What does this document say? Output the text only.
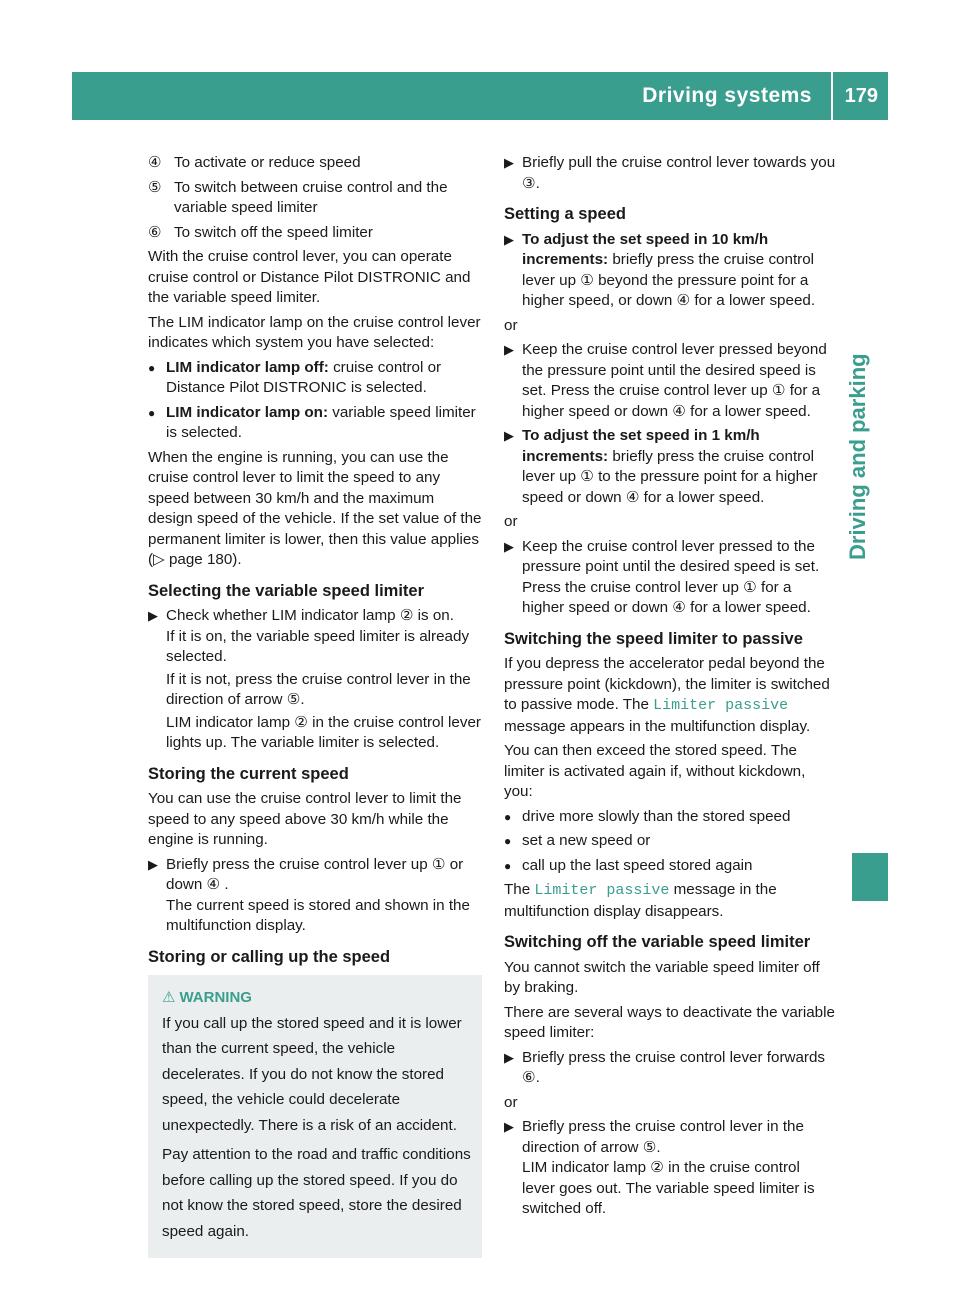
Driving systems 179
Driving and parking
④ To activate or reduce speed
⑤ To switch between cruise control and the variable speed limiter
⑥ To switch off the speed limiter

With the cruise control lever, you can operate cruise control or Distance Pilot DISTRONIC and the variable speed limiter.

The LIM indicator lamp on the cruise control lever indicates which system you have selected:

● LIM indicator lamp off: cruise control or Distance Pilot DISTRONIC is selected.
● LIM indicator lamp on: variable speed limiter is selected.

When the engine is running, you can use the cruise control lever to limit the speed to any speed between 30 km/h and the maximum design speed of the vehicle. If the set value of the permanent limiter is lower, then this value applies (▷ page 180).

Selecting the variable speed limiter
▶ Check whether LIM indicator lamp ② is on.

If it is on, the variable speed limiter is already selected.

If it is not, press the cruise control lever in the direction of arrow ⑤.

LIM indicator lamp ② in the cruise control lever lights up. The variable limiter is selected.

Storing the current speed

You can use the cruise control lever to limit the speed to any speed above 30 km/h while the engine is running.

▶ Briefly press the cruise control lever up ① or down ④ .

The current speed is stored and shown in the multifunction display.

Storing or calling up the speed
⚠ WARNING

If you call up the stored speed and it is lower than the current speed, the vehicle decelerates. If you do not know the stored speed, the vehicle could decelerate unexpectedly. There is a risk of an accident.

Pay attention to the road and traffic conditions before calling up the stored speed. If you do not know the stored speed, store the desired speed again.

▶ Briefly pull the cruise control lever towards you ③.
Setting a speed
▶ To adjust the set speed in 10 km/h increments: briefly press the cruise control lever up ① beyond the pressure point for a higher speed, or down ④ for a lower speed.

or

▶ Keep the cruise control lever pressed beyond the pressure point until the desired speed is set. Press the cruise control lever up ① for a higher speed or down ④ for a lower speed.
▶ To adjust the set speed in 1 km/h increments: briefly press the cruise control lever up ① to the pressure point for a higher speed or down ④ for a lower speed.

or

▶ Keep the cruise control lever pressed to the pressure point until the desired speed is set. Press the cruise control lever up ① for a higher speed or down ④ for a lower speed.
Switching the speed limiter to passive

If you depress the accelerator pedal beyond the pressure point (kickdown), the limiter is switched to passive mode. The Limiter passive message appears in the multifunction display.

You can then exceed the stored speed. The limiter is activated again if, without kickdown, you:

● drive more slowly than the stored speed
● set a new speed or
● call up the last speed stored again

The Limiter passive message in the multifunction display disappears.

Switching off the variable speed limiter

You cannot switch the variable speed limiter off by braking.

There are several ways to deactivate the variable speed limiter:

▶ Briefly press the cruise control lever forwards ⑥.

or

▶ Briefly press the cruise control lever in the direction of arrow ⑤.

LIM indicator lamp ② in the cruise control lever goes out. The variable speed limiter is switched off.
